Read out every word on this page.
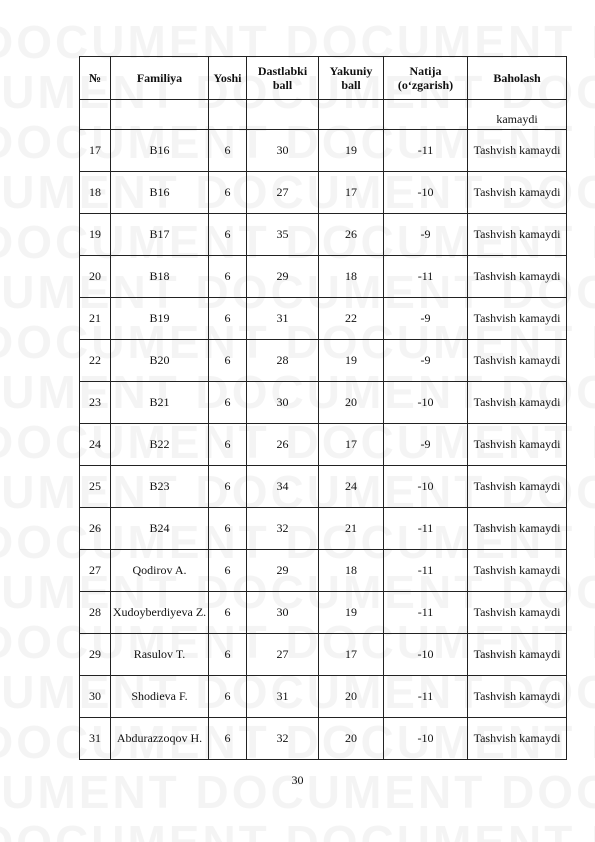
№	Familiya	Yoshi	Dastlabki ball	Yakuniy ball	Natija (o‘zgarish)	Baholash
						kamaydi
17	B16	6	30	19	-11	Tashvish kamaydi
18	B16	6	27	17	-10	Tashvish kamaydi
19	B17	6	35	26	-9	Tashvish kamaydi
20	B18	6	29	18	-11	Tashvish kamaydi
21	B19	6	31	22	-9	Tashvish kamaydi
22	B20	6	28	19	-9	Tashvish kamaydi
23	B21	6	30	20	-10	Tashvish kamaydi
24	B22	6	26	17	-9	Tashvish kamaydi
25	B23	6	34	24	-10	Tashvish kamaydi
26	B24	6	32	21	-11	Tashvish kamaydi
27	Qodirov A.	6	29	18	-11	Tashvish kamaydi
28	Xudoyberdiyeva Z.	6	30	19	-11	Tashvish kamaydi
29	Rasulov T.	6	27	17	-10	Tashvish kamaydi
30	Shodieva F.	6	31	20	-11	Tashvish kamaydi
31	Abdurazzoqov H.	6	32	20	-10	Tashvish kamaydi
30
